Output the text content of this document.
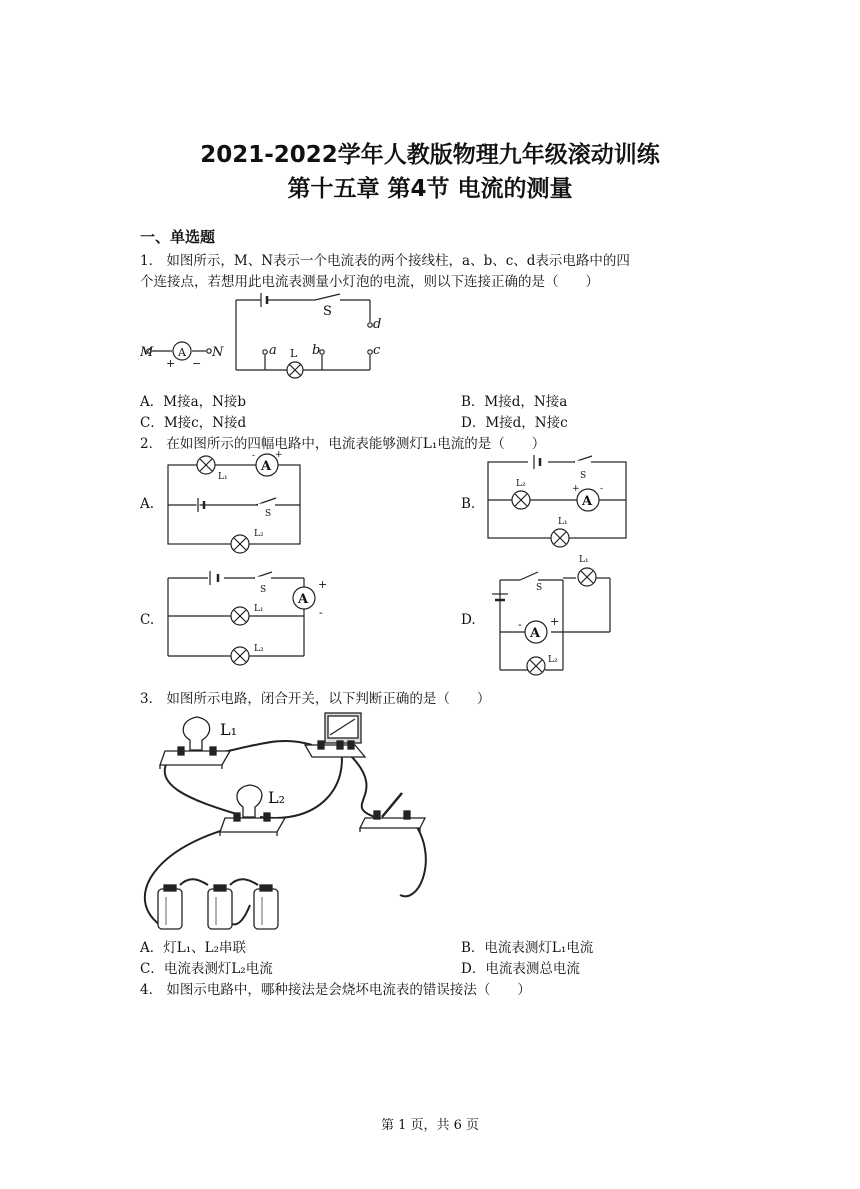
2021-2022学年人教版物理九年级滚动训练
第十五章 第4节 电流的测量
一、单选题
1． 如图所示，M、N表示一个电流表的两个接线柱，a、b、c、d表示电路中的四
个连接点，若想用此电流表测量小灯泡的电流，则以下连接正确的是（　　）
M A N
+ −
S
d
a	b	c
L
A．M接a，N接b	B．M接d，N接a
C．M接c，N接d	D．M接d，N接c
2． 在如图所示的四幅电路中，电流表能够测灯L₁电流的是（　　）
A.	B.
C.	D.
A
- +
L₁
S
L₂
A
+ -
S
L₂
L₁
A
+
-
S
L₁
L₂
A
-	+
S
L₁
L₂
3． 如图所示电路，闭合开关，以下判断正确的是（　　）
L₁
L₂
A．灯L₁、L₂串联	B．电流表测灯L₁电流
C．电流表测灯L₂电流	D．电流表测总电流
4． 如图示电路中，哪种接法是会烧坏电流表的错误接法（　　）
第 1 页，共 6 页
